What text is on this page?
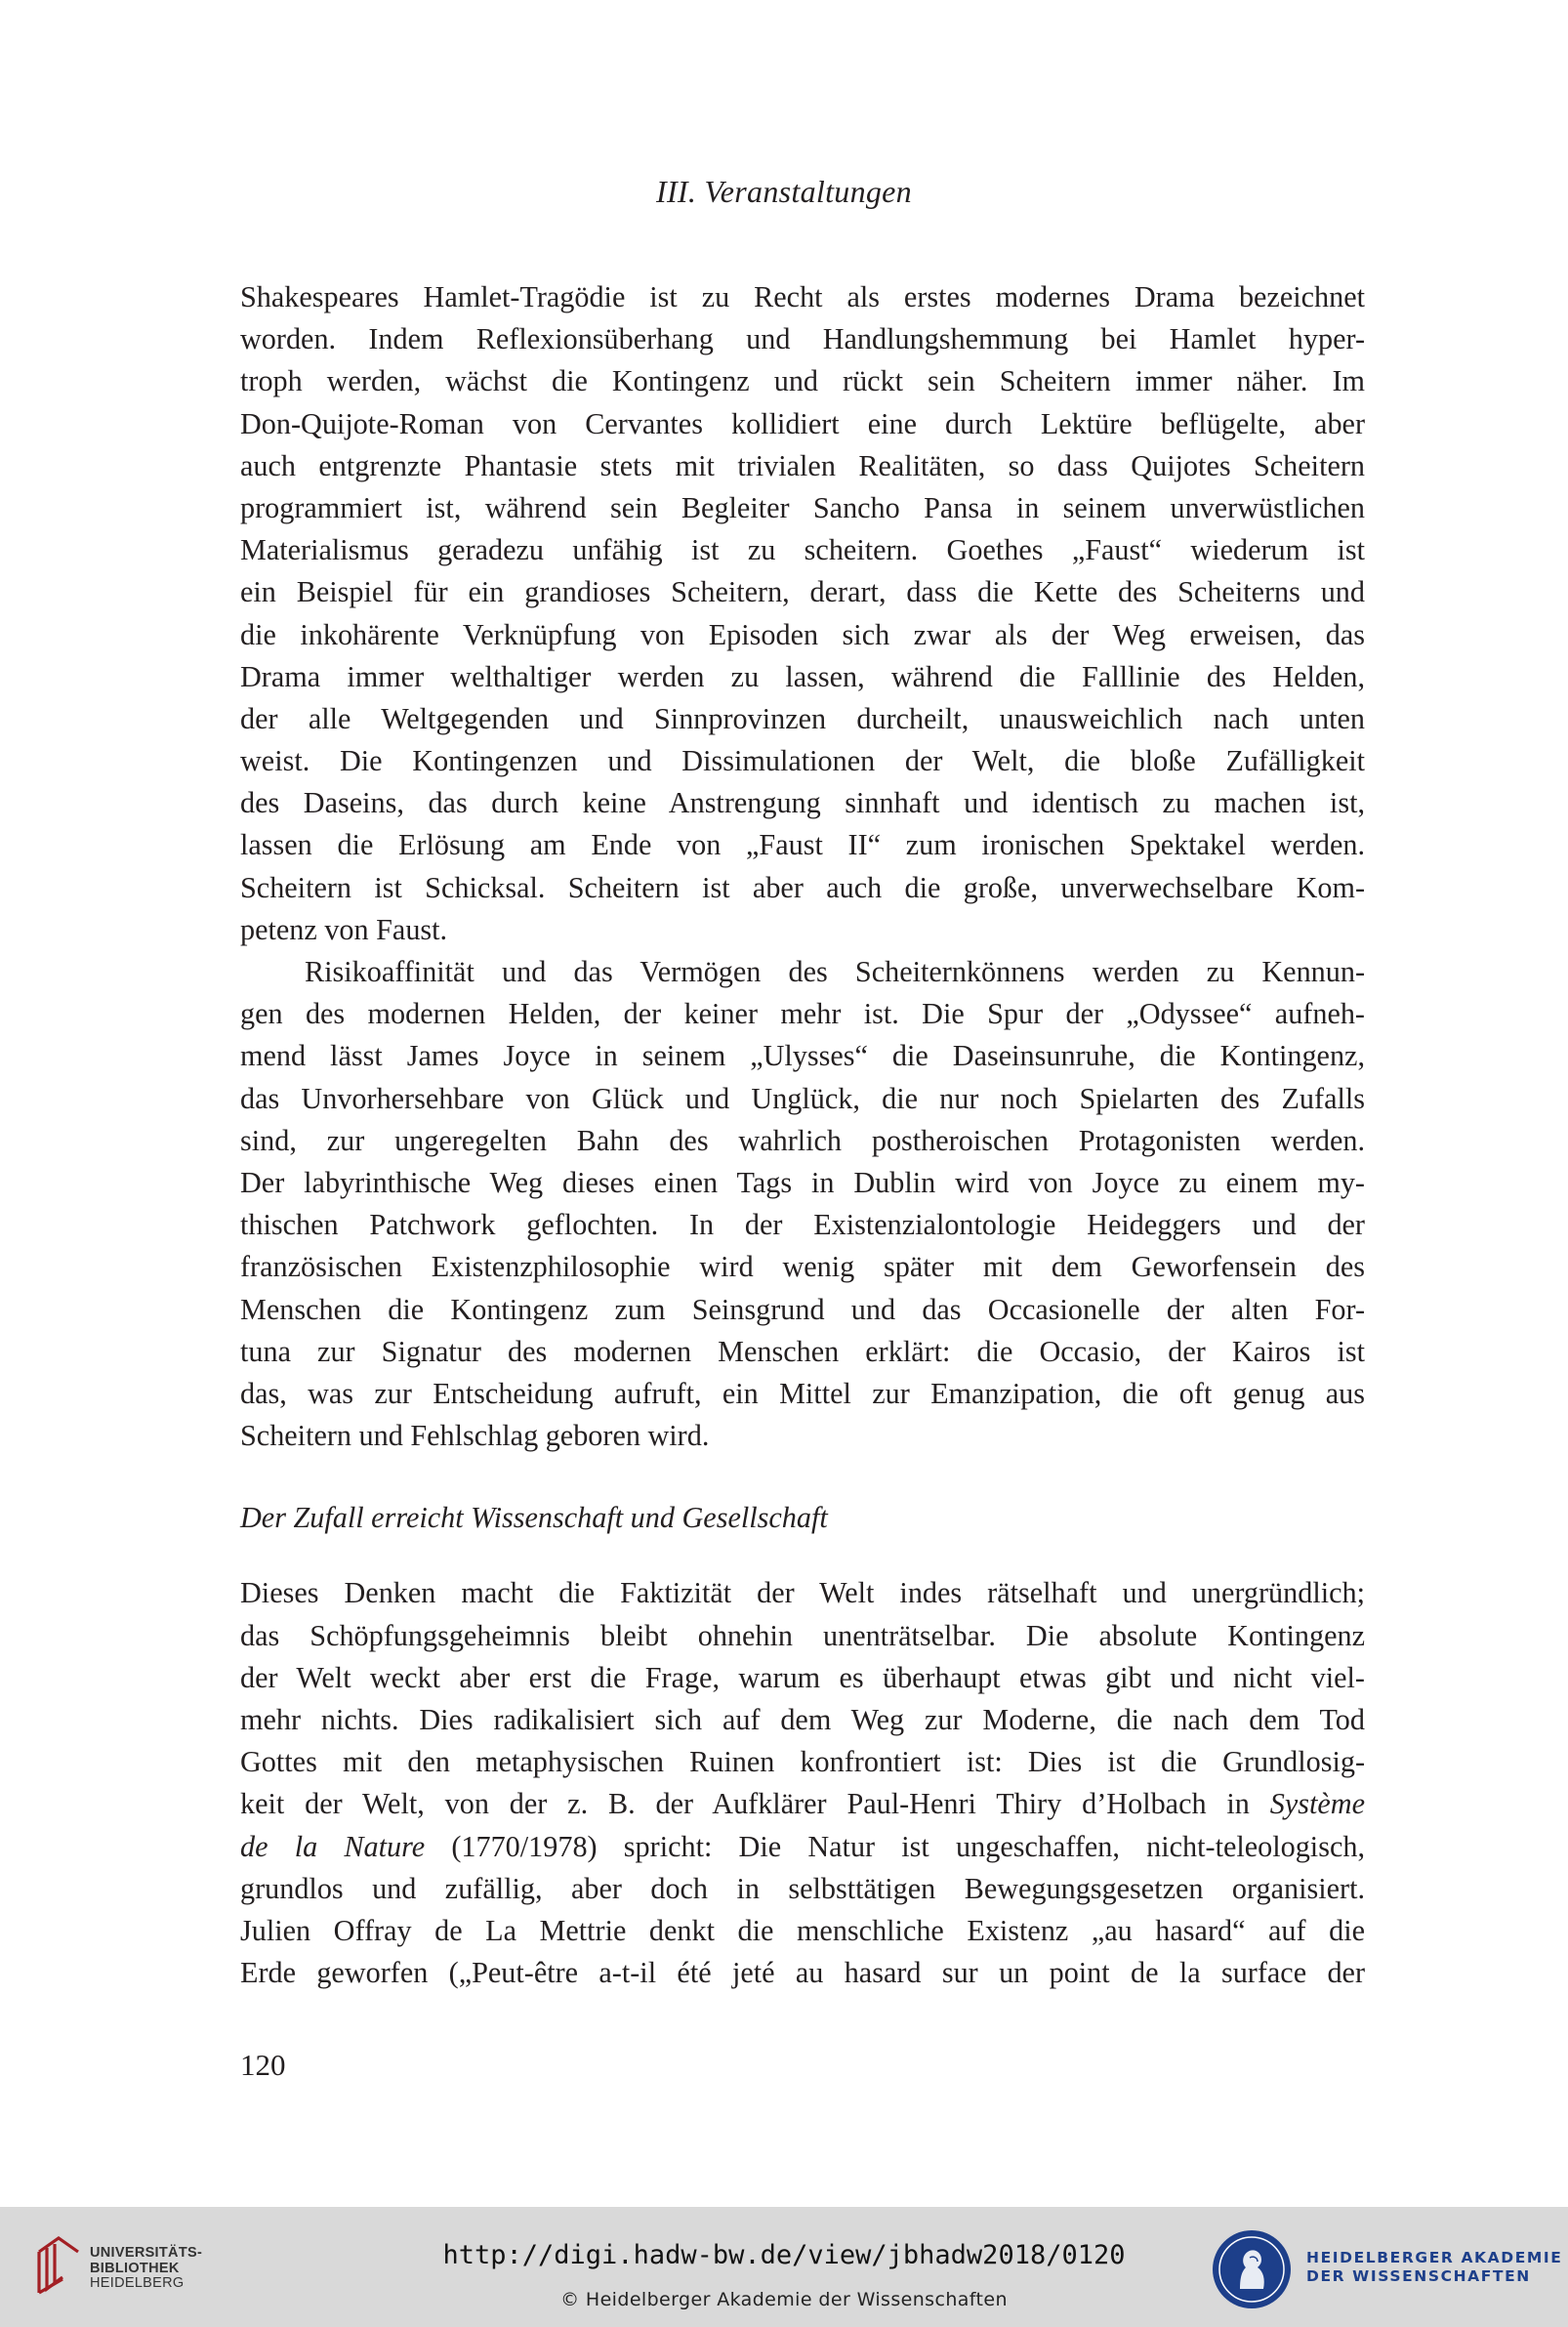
III. Veranstaltungen
Shakespeares Hamlet-Tragödie ist zu Recht als erstes modernes Drama bezeichnet
worden. Indem Reflexionsüberhang und Handlungshemmung bei Hamlet hyper-
troph werden, wächst die Kontingenz und rückt sein Scheitern immer näher. Im
Don-Quijote-Roman von Cervantes kollidiert eine durch Lektüre beflügelte, aber
auch entgrenzte Phantasie stets mit trivialen Realitäten, so dass Quijotes Scheitern
programmiert ist, während sein Begleiter Sancho Pansa in seinem unverwüstlichen
Materialismus geradezu unfähig ist zu scheitern. Goethes „Faust“ wiederum ist
ein Beispiel für ein grandioses Scheitern, derart, dass die Kette des Scheiterns und
die inkohärente Verknüpfung von Episoden sich zwar als der Weg erweisen, das
Drama immer welthaltiger werden zu lassen, während die Falllinie des Helden,
der alle Weltgegenden und Sinnprovinzen durcheilt, unausweichlich nach unten
weist. Die Kontingenzen und Dissimulationen der Welt, die bloße Zufälligkeit
des Daseins, das durch keine Anstrengung sinnhaft und identisch zu machen ist,
lassen die Erlösung am Ende von „Faust II“ zum ironischen Spektakel werden.
Scheitern ist Schicksal. Scheitern ist aber auch die große, unverwechselbare Kom-
petenz von Faust.
Risikoaffinität und das Vermögen des Scheiternkönnens werden zu Kennun-
gen des modernen Helden, der keiner mehr ist. Die Spur der „Odyssee“ aufneh-
mend lässt James Joyce in seinem „Ulysses“ die Daseinsunruhe, die Kontingenz,
das Unvorhersehbare von Glück und Unglück, die nur noch Spielarten des Zufalls
sind, zur ungeregelten Bahn des wahrlich postheroischen Protagonisten werden.
Der labyrinthische Weg dieses einen Tags in Dublin wird von Joyce zu einem my-
thischen Patchwork geflochten. In der Existenzialontologie Heideggers und der
französischen Existenzphilosophie wird wenig später mit dem Geworfensein des
Menschen die Kontingenz zum Seinsgrund und das Occasionelle der alten For-
tuna zur Signatur des modernen Menschen erklärt: die Occasio, der Kairos ist
das, was zur Entscheidung aufruft, ein Mittel zur Emanzipation, die oft genug aus
Scheitern und Fehlschlag geboren wird.
Der Zufall erreicht Wissenschaft und Gesellschaft
Dieses Denken macht die Faktizität der Welt indes rätselhaft und unergründlich;
das Schöpfungsgeheimnis bleibt ohnehin unenträtselbar. Die absolute Kontingenz
der Welt weckt aber erst die Frage, warum es überhaupt etwas gibt und nicht viel-
mehr nichts. Dies radikalisiert sich auf dem Weg zur Moderne, die nach dem Tod
Gottes mit den metaphysischen Ruinen konfrontiert ist: Dies ist die Grundlosig-
keit der Welt, von der z. B. der Aufklärer Paul-Henri Thiry d’Holbach in Système
de la Nature (1770/1978) spricht: Die Natur ist ungeschaffen, nicht-teleologisch,
grundlos und zufällig, aber doch in selbsttätigen Bewegungsgesetzen organisiert.
Julien Offray de La Mettrie denkt die menschliche Existenz „au hasard“ auf die
Erde geworfen („Peut-être a-t-il été jeté au hasard sur un point de la surface der
120
UNIVERSITÄTS-
BIBLIOTHEK
HEIDELBERG
http://digi.hadw-bw.de/view/jbhadw2018/0120
© Heidelberger Akademie der Wissenschaften
HEIDELBERGER AKADEMIE
DER WISSENSCHAFTEN
